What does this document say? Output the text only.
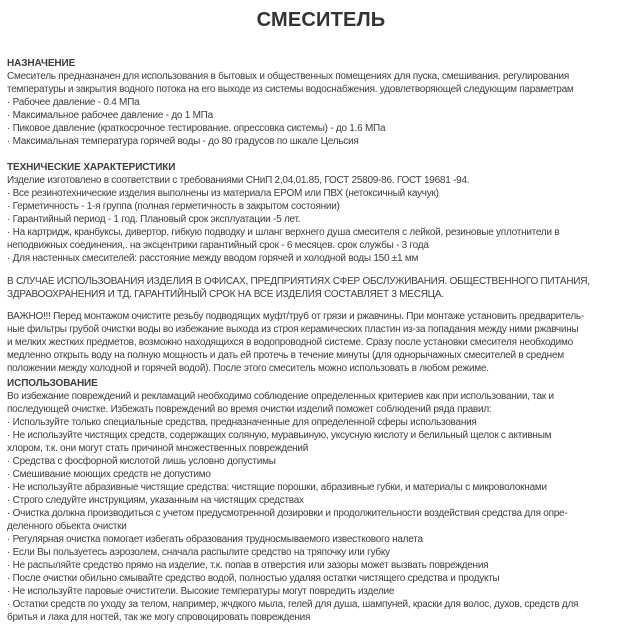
СМЕСИТЕЛЬ
НАЗНАЧЕНИЕ
Смеситель предназначен для использования в бытовых и общественных помещениях для пуска, смешивания. регулирования
температуры и закрытия водного потока на его выходе из системы водоснабжения. удовлетворяющей следующим параметрам
· Рабочее давление - 0.4 МПа
· Максимальное рабочее давление - до 1 МПа
· Пиковое давление (краткосрочное тестирование. опрессовка системы) - до 1.6 МПа
· Максимальная температура горячей воды - до 80 градусов по шкале Цельсия
ТЕХНИЧЕСКИЕ ХАРАКТЕРИСТИКИ
Изделие изготовлено в соответствии с требованиями СНиП 2,04,01.85, ГОСТ 25809-86. ГОСТ 19681 -94.
· Все резинотехнические изделия выполнены из материала EPOM или ПВХ (нетоксичный каучук)
· Герметичность - 1-я группа (полная герметичность в закрытом состоянии)
· Гарантийный период - 1 год. Плановый срок эксплуатации -5 лет.
· На картридж, кранбуксы, дивертор, гибкую подводку и шланг верхнего душа смесителя с лейкой, резиновые уплотнители в
неподвижных соединения,. на эксцентрики гарантийный срок - 6 месяцев. срок службы - 3 года
· Для настенных смесителей: расстояние между вводом горячей и холодной воды 150 ±1 мм
В СЛУЧАЕ ИСПОЛЬЗОВАНИЯ ИЗДЕЛИЯ В ОФИСАХ, ПРЕДПРИЯТИЯХ СФЕР ОБСЛУЖИВАНИЯ. ОБЩЕСТВЕННОГО ПИТАНИЯ,
ЗДРАВООХРАНЕНИЯ И ТД. ГАРАНТИЙНЫЙ СРОК НА ВСЕ ИЗДЕЛИЯ СОСТАВЛЯЕТ 3 МЕСЯЦА.
ВАЖНО!!! Перед монтажом очистите резьбу подводящих муфт/труб от грязи и ржавчины. При монтаже установить предваритель-
ные фильтры грубой очистки воды во избежание выхода из строя керамических пластин из-за попадания между ними ржавчины
и мелких жестких предметов, возможно находящихся в водопроводной системе. Сразу после установки смесителя необходимо
медленно открыть воду на полную мощность и дать ей протечь в течение минуты (для однорычажных смесителей в среднем
положении между холодной и горячей водой). После этого смеситель можно использовать в любом режиме.
ИСПОЛЬЗОВАНИЕ
Во избежание повреждений и рекламаций необходимо соблюдение определенных критериев как при использовании, так и
последующей очистке. Избежать повреждений во время очистки изделий поможет соблюдений ряда правил:
· Используйте только специальные средства, предназначенные для определенной сферы использования
· Не используйте чистящих средств, содержащих соляную, муравьиную, уксусную кислоту и белильный щелок с активным
хлором, т.к. они могут стать причиной множественных повреждений
· Средства с фосфорной кислотой лишь условно допустимы
· Смешивание моющих средств не допустимо
· Не используйте абразивные чистящие средства: чистящие порошки, абразивные губки, и материалы с микроволокнами
· Строго следуйте инструкциям, указанным на чистящих средствах
· Очистка должна производиться с учетом предусмотренной дозировки и продолжительности воздействия средства для опре-
деленного обьекта очистки
· Регулярная очистка помогает избегать образования трудносмываемого известкового налета
· Если Вы пользуетесь аэрозолем, сначала распылите средство на тряпочку или губку
· Не распыляйте средство прямо на изделие, т.к. попав в отверстия или зазоры может вызвать повреждения
· После очистки обильно смывайте средство водой, полностью удаляя остатки чистящего средства и продукты
· Не используйте паровые очистители. Высокие температуры могут повредить изделие
· Остатки средств по уходу за телом, например, жчдкого мыла, гелей для душа, шампуней, краски для волос, духов, средств для
бритья и лака для ногтей, так же могу спровоцировать повреждения
